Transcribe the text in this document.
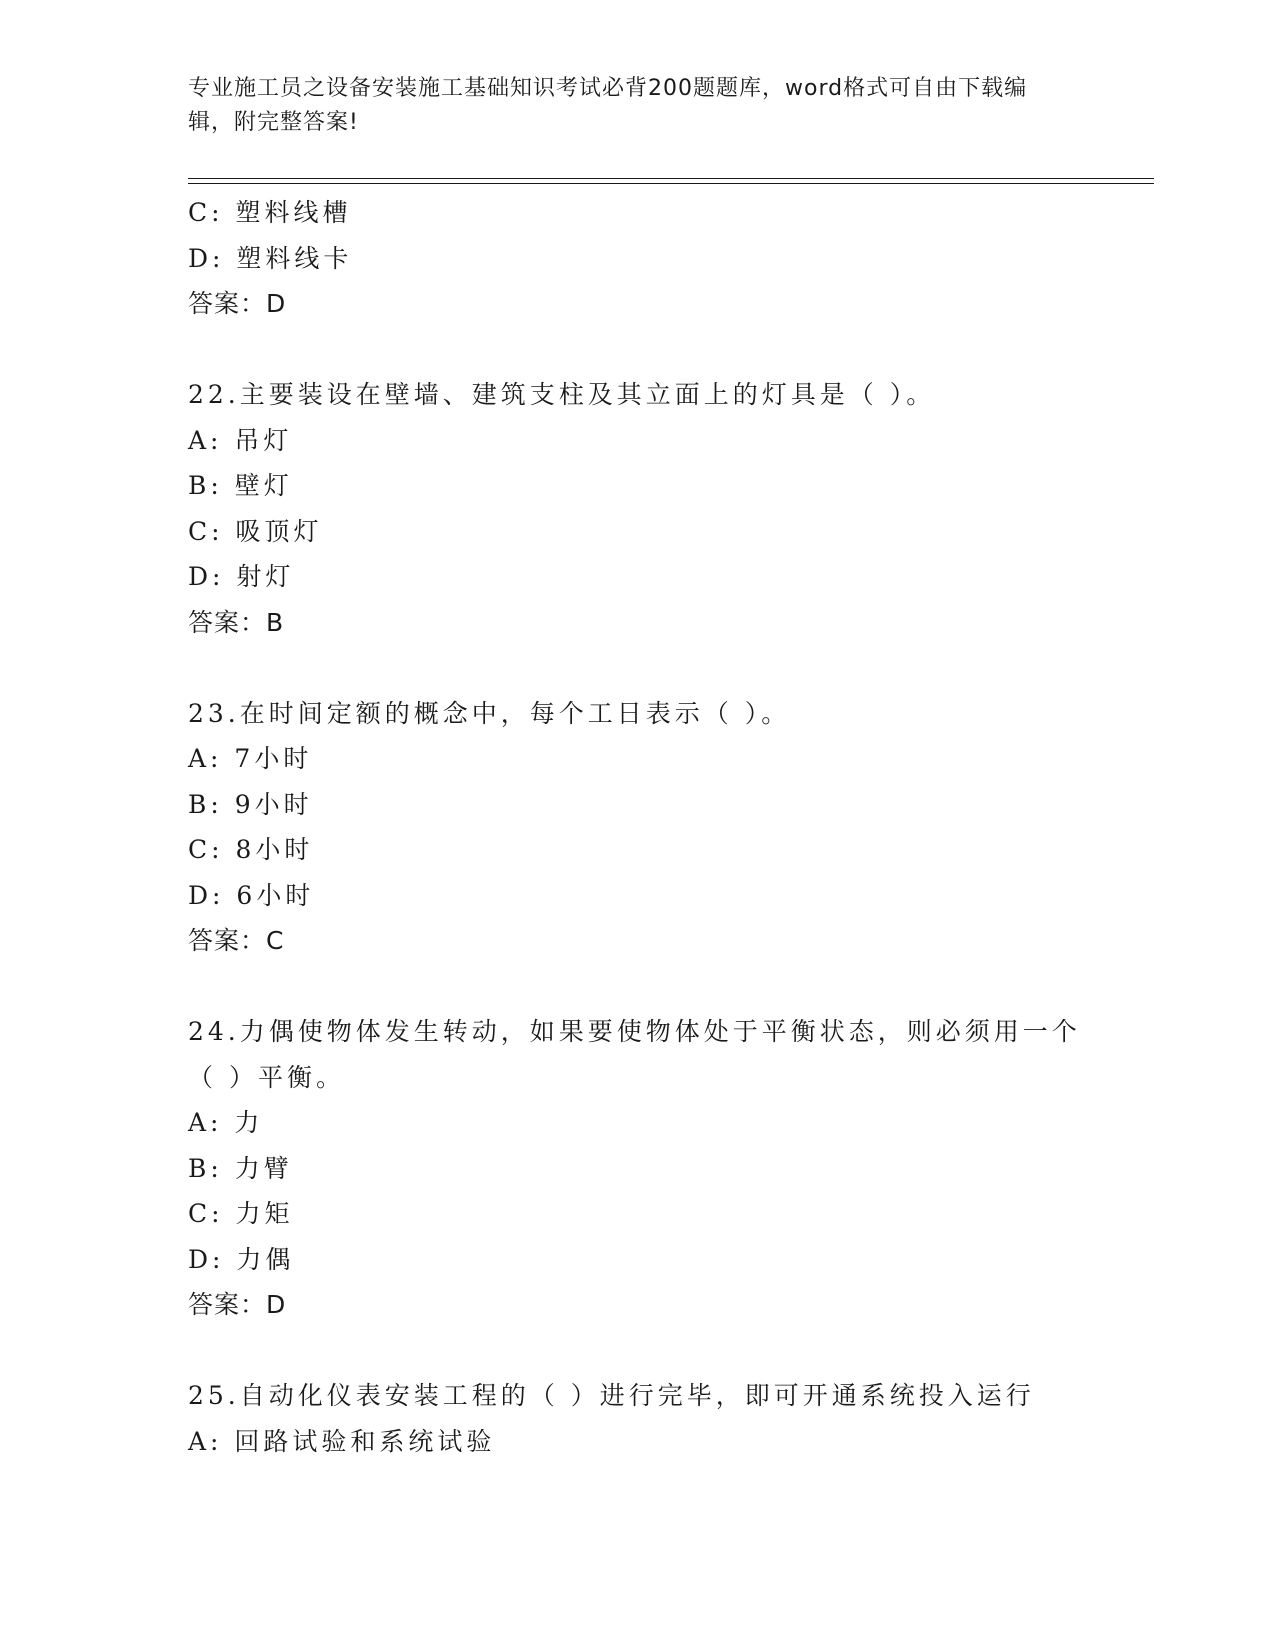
专业施工员之设备安装施工基础知识考试必背200题题库，word格式可自由下载编辑，附完整答案!
C: 塑料线槽
D: 塑料线卡
答案：D
22.主要装设在壁墙、建筑支柱及其立面上的灯具是（ ）。
A: 吊灯
B: 壁灯
C: 吸顶灯
D: 射灯
答案：B
23.在时间定额的概念中，每个工日表示（ ）。
A: 7小时
B: 9小时
C: 8小时
D: 6小时
答案：C
24.力偶使物体发生转动，如果要使物体处于平衡状态，则必须用一个（ ）平衡。
A: 力
B: 力臂
C: 力矩
D: 力偶
答案：D
25.自动化仪表安装工程的（ ）进行完毕，即可开通系统投入运行
A: 回路试验和系统试验
